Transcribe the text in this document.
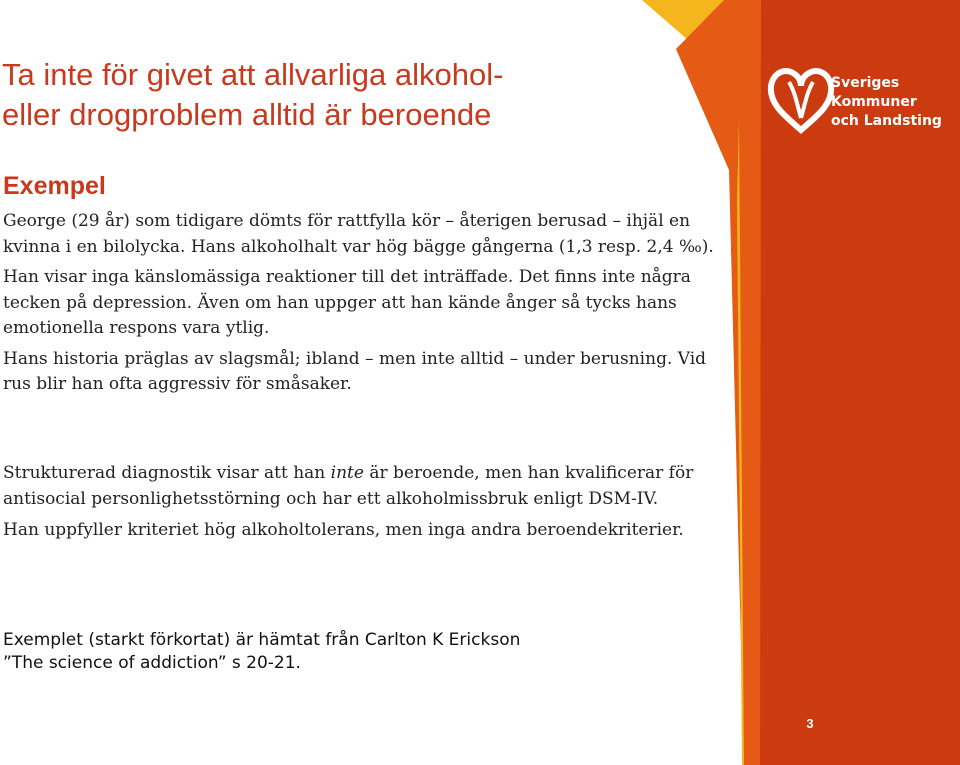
Sveriges
Kommuner
och Landsting

Ta inte för givet att allvarliga alkohol-
eller drogproblem alltid är beroende
Exempel

George (29 år) som tidigare dömts för rattfylla kör – återigen berusad – ihjäl en kvinna i en bilolycka. Hans alkoholhalt var hög bägge gångerna (1,3 resp. 2,4 ‰).

Han visar inga känslomässiga reaktioner till det inträffade. Det finns inte några tecken på depression. Även om han uppger att han kände ånger så tycks hans emotionella respons vara ytlig.

Hans historia präglas av slagsmål; ibland – men inte alltid – under berusning. Vid rus blir han ofta aggressiv för småsaker.

Strukturerad diagnostik visar att han inte är beroende, men han kvalificerar för antisocial personlighetsstörning och har ett alkoholmissbruk enligt DSM-IV.

Han uppfyller kriteriet hög alkoholtolerans, men inga andra beroendekriterier.

Exemplet (starkt förkortat) är hämtat från Carlton K Erickson
”The science of addiction” s 20-21.
3
